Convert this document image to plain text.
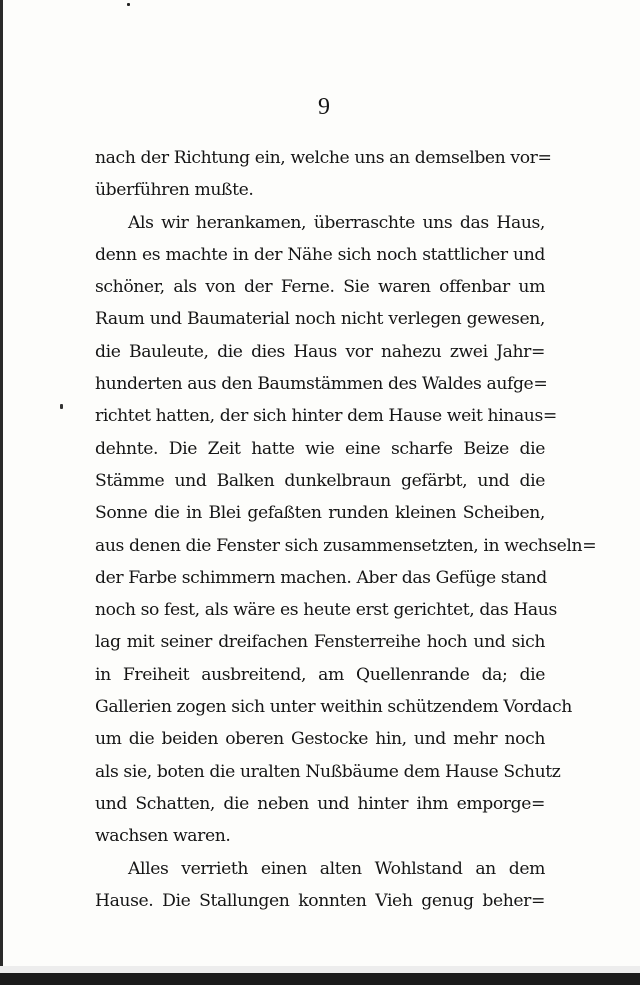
9
nach der Richtung ein, welche uns an demselben vor=
überführen mußte.
Als wir herankamen, überraschte uns das Haus,
denn es machte in der Nähe sich noch stattlicher und
schöner, als von der Ferne. Sie waren offenbar um
Raum und Baumaterial noch nicht verlegen gewesen,
die Bauleute, die dies Haus vor nahezu zwei Jahr=
hunderten aus den Baumstämmen des Waldes aufge=
richtet hatten, der sich hinter dem Hause weit hinaus=
dehnte. Die Zeit hatte wie eine scharfe Beize die
Stämme und Balken dunkelbraun gefärbt, und die
Sonne die in Blei gefaßten runden kleinen Scheiben,
aus denen die Fenster sich zusammensetzten, in wechseln=
der Farbe schimmern machen. Aber das Gefüge stand
noch so fest, als wäre es heute erst gerichtet, das Haus
lag mit seiner dreifachen Fensterreihe hoch und sich
in Freiheit ausbreitend, am Quellenrande da; die
Gallerien zogen sich unter weithin schützendem Vordach
um die beiden oberen Gestocke hin, und mehr noch
als sie, boten die uralten Nußbäume dem Hause Schutz
und Schatten, die neben und hinter ihm emporge=
wachsen waren.
Alles verrieth einen alten Wohlstand an dem
Hause. Die Stallungen konnten Vieh genug beher=
